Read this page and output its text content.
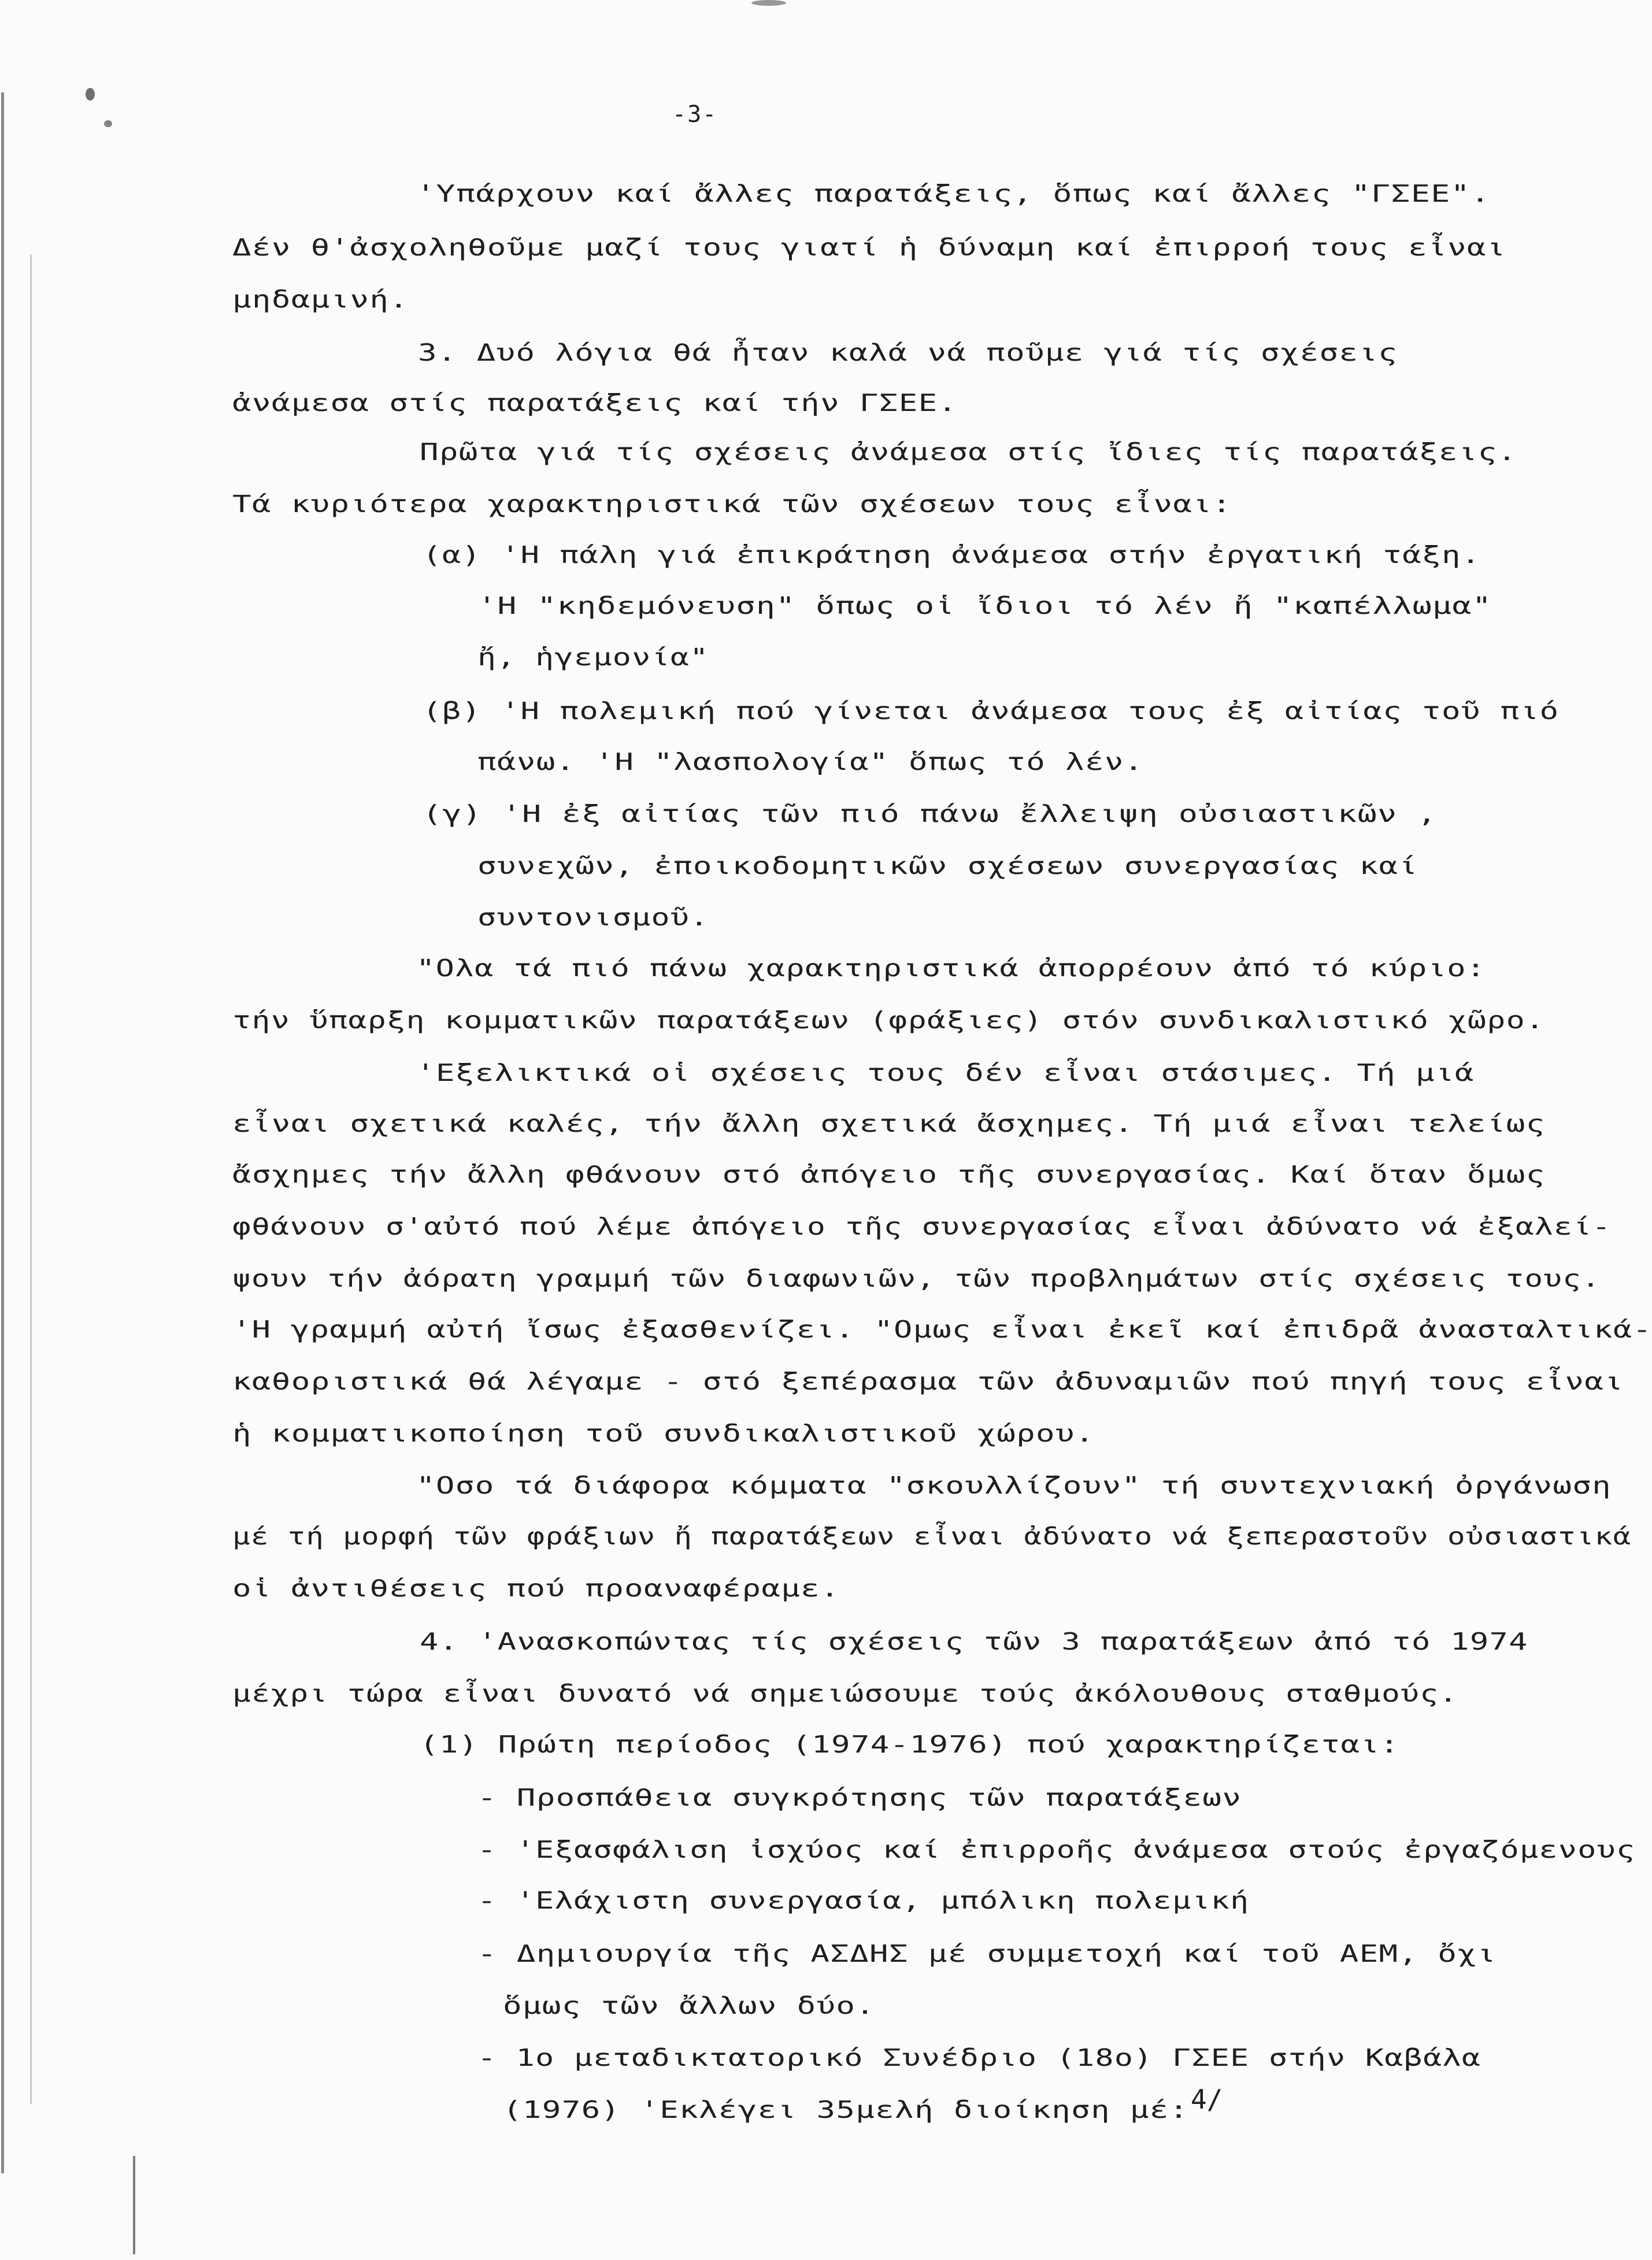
-3-
'Υπάρχουν καί ἄλλες παρατάξεις, ὅπως καί ἄλλες "ΓΣΕΕ".
Δέν θ'ἀσχοληθοῦμε μαζί τους γιατί ἡ δύναμη καί ἐπιρροή τους εἶναι
μηδαμινή.
3. Δυό λόγια θά ἦταν καλά νά ποῦμε γιά τίς σχέσεις
ἀνάμεσα στίς παρατάξεις καί τήν ΓΣΕΕ.
Πρῶτα γιά τίς σχέσεις ἀνάμεσα στίς ἴδιες τίς παρατάξεις.
Τά κυριότερα χαρακτηριστικά τῶν σχέσεων τους εἶναι:
(α) 'Η πάλη γιά ἐπικράτηση ἀνάμεσα στήν ἐργατική τάξη.
'Η "κηδεμόνευση" ὅπως οἱ ἴδιοι τό λέν ἤ "καπέλλωμα"
ἤ, ἡγεμονία"
(β) 'Η πολεμική πού γίνεται ἀνάμεσα τους ἐξ αἰτίας τοῦ πιό
πάνω. 'Η "λασπολογία" ὅπως τό λέν.
(γ) 'Η ἐξ αἰτίας τῶν πιό πάνω ἔλλειψη οὐσιαστικῶν ,
συνεχῶν, ἐποικοδομητικῶν σχέσεων συνεργασίας καί
συντονισμοῦ.
"Ολα τά πιό πάνω χαρακτηριστικά ἀπορρέουν ἀπό τό κύριο:
τήν ὕπαρξη κομματικῶν παρατάξεων (φράξιες) στόν συνδικαλιστικό χῶρο.
'Εξελικτικά οἱ σχέσεις τους δέν εἶναι στάσιμες. Τή μιά
εἶναι σχετικά καλές, τήν ἄλλη σχετικά ἄσχημες. Τή μιά εἶναι τελείως
ἄσχημες τήν ἄλλη φθάνουν στό ἀπόγειο τῆς συνεργασίας. Καί ὅταν ὅμως
φθάνουν σ'αὐτό πού λέμε ἀπόγειο τῆς συνεργασίας εἶναι ἀδύνατο νά ἐξαλεί-
ψουν τήν ἀόρατη γραμμή τῶν διαφωνιῶν, τῶν προβλημάτων στίς σχέσεις τους.
'Η γραμμή αὐτή ἴσως ἐξασθενίζει. "Ομως εἶναι ἐκεῖ καί ἐπιδρᾶ ἀνασταλτικά-
καθοριστικά θά λέγαμε - στό ξεπέρασμα τῶν ἀδυναμιῶν πού πηγή τους εἶναι
ἡ κομματικοποίηση τοῦ συνδικαλιστικοῦ χώρου.
"Οσο τά διάφορα κόμματα "σκουλλίζουν" τή συντεχνιακή ὀργάνωση
μέ τή μορφή τῶν φράξιων ἤ παρατάξεων εἶναι ἀδύνατο νά ξεπεραστοῦν οὐσιαστικά
οἱ ἀντιθέσεις πού προαναφέραμε.
4. 'Ανασκοπώντας τίς σχέσεις τῶν 3 παρατάξεων ἀπό τό 1974
μέχρι τώρα εἶναι δυνατό νά σημειώσουμε τούς ἀκόλουθους σταθμούς.
(1) Πρώτη περίοδος (1974-1976) πού χαρακτηρίζεται:
- Προσπάθεια συγκρότησης τῶν παρατάξεων
- 'Εξασφάλιση ἰσχύος καί ἐπιρροῆς ἀνάμεσα στούς ἐργαζόμενους
- 'Ελάχιστη συνεργασία, μπόλικη πολεμική
- Δημιουργία τῆς ΑΣΔΗΣ μέ συμμετοχή καί τοῦ ΑΕΜ, ὄχι
ὅμως τῶν ἄλλων δύο.
- 1ο μεταδικτατορικό Συνέδριο (18ο) ΓΣΕΕ στήν Καβάλα
(1976) 'Εκλέγει 35μελή διοίκηση μέ: 4/
